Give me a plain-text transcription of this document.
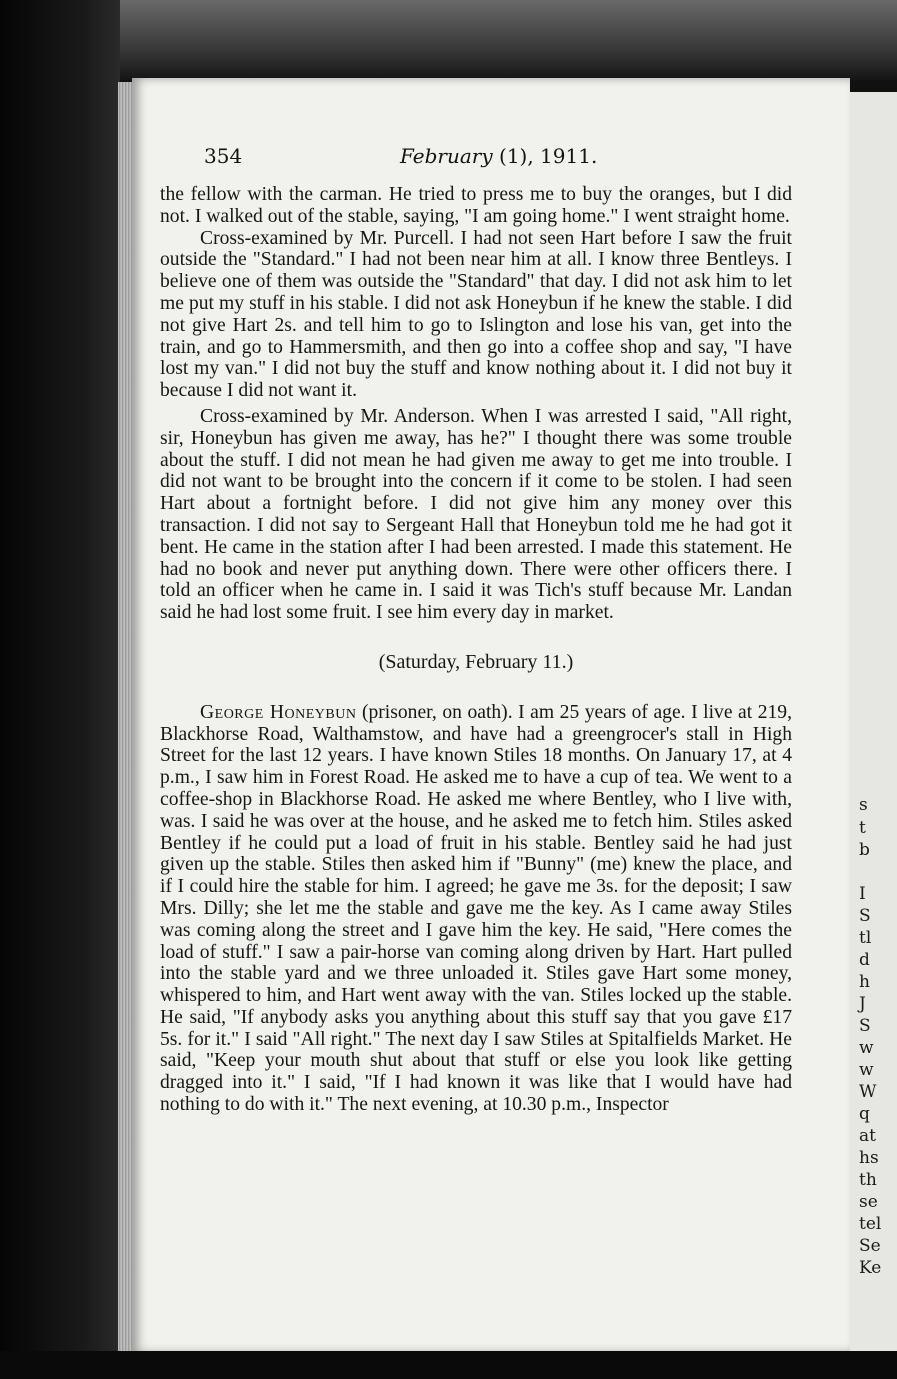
s
t
b
I
S
tl
d
h
J
S
w
w
W
q
at
hs
th
se
tel
Se
Ke
354	February (1), 1911.

the fellow with the carman. He tried to press me to buy the oranges, but I did not. I walked out of the stable, saying, "I am going home." I went straight home.

Cross-examined by Mr. Purcell. I had not seen Hart before I saw the fruit outside the "Standard." I had not been near him at all. I know three Bentleys. I believe one of them was outside the "Standard" that day. I did not ask him to let me put my stuff in his stable. I did not ask Honeybun if he knew the stable. I did not give Hart 2s. and tell him to go to Islington and lose his van, get into the train, and go to Hammersmith, and then go into a coffee shop and say, "I have lost my van." I did not buy the stuff and know nothing about it. I did not buy it because I did not want it.

Cross-examined by Mr. Anderson. When I was arrested I said, "All right, sir, Honeybun has given me away, has he?" I thought there was some trouble about the stuff. I did not mean he had given me away to get me into trouble. I did not want to be brought into the concern if it come to be stolen. I had seen Hart about a fortnight before. I did not give him any money over this transaction. I did not say to Sergeant Hall that Honeybun told me he had got it bent. He came in the station after I had been arrested. I made this statement. He had no book and never put anything down. There were other officers there. I told an officer when he came in. I said it was Tich's stuff because Mr. Landan said he had lost some fruit. I see him every day in market.

(Saturday, February 11.)

George Honeybun (prisoner, on oath). I am 25 years of age. I live at 219, Blackhorse Road, Walthamstow, and have had a greengrocer's stall in High Street for the last 12 years. I have known Stiles 18 months. On January 17, at 4 p.m., I saw him in Forest Road. He asked me to have a cup of tea. We went to a coffee-shop in Blackhorse Road. He asked me where Bentley, who I live with, was. I said he was over at the house, and he asked me to fetch him. Stiles asked Bentley if he could put a load of fruit in his stable. Bentley said he had just given up the stable. Stiles then asked him if "Bunny" (me) knew the place, and if I could hire the stable for him. I agreed; he gave me 3s. for the deposit; I saw Mrs. Dilly; she let me the stable and gave me the key. As I came away Stiles was coming along the street and I gave him the key. He said, "Here comes the load of stuff." I saw a pair-horse van coming along driven by Hart. Hart pulled into the stable yard and we three unloaded it. Stiles gave Hart some money, whispered to him, and Hart went away with the van. Stiles locked up the stable. He said, "If anybody asks you anything about this stuff say that you gave £17 5s. for it." I said "All right." The next day I saw Stiles at Spitalfields Market. He said, "Keep your mouth shut about that stuff or else you look like getting dragged into it." I said, "If I had known it was like that I would have had nothing to do with it." The next evening, at 10.30 p.m., Inspector
